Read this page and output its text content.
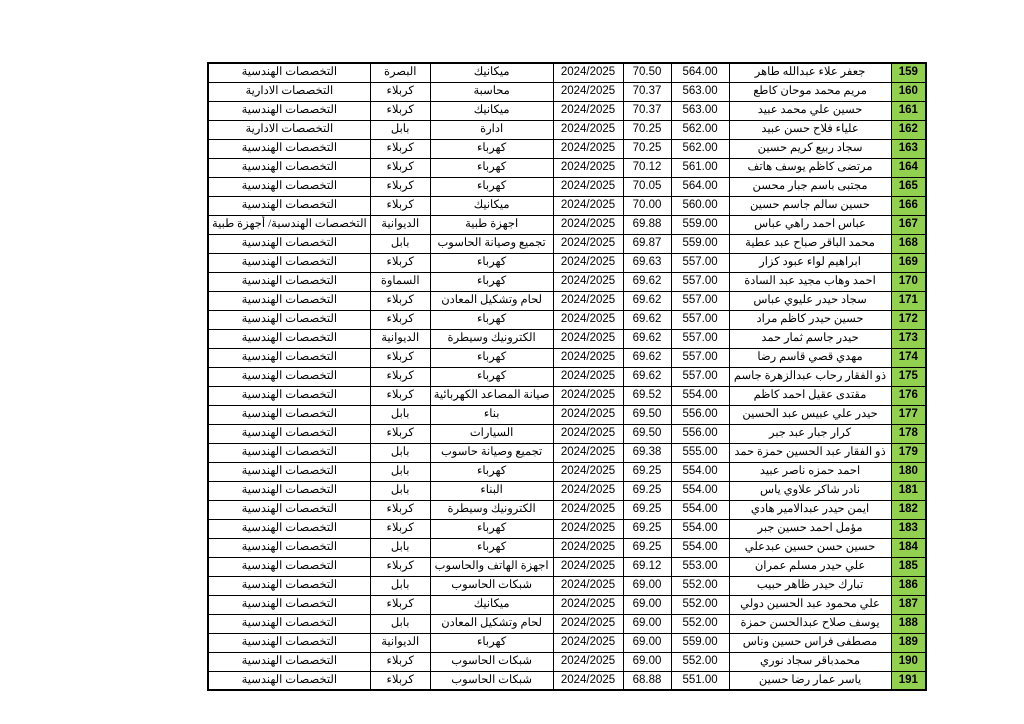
159	جعفر علاء عبدالله طاهر	564.00	70.50	2024/2025	ميكانيك	البصرة	التخصصات الهندسية
160	مريم محمد موحان كاطع	563.00	70.37	2024/2025	محاسبة	كربلاء	التخصصات الادارية
161	حسين علي محمد عبيد	563.00	70.37	2024/2025	ميكانيك	كربلاء	التخصصات الهندسية
162	علياء فلاح حسن عبيد	562.00	70.25	2024/2025	ادارة	بابل	التخصصات الادارية
163	سجاد ربيع كريم حسين	562.00	70.25	2024/2025	كهرباء	كربلاء	التخصصات الهندسية
164	مرتضى كاظم يوسف هاتف	561.00	70.12	2024/2025	كهرباء	كربلاء	التخصصات الهندسية
165	مجتبى باسم جبار محسن	564.00	70.05	2024/2025	كهرباء	كربلاء	التخصصات الهندسية
166	حسين سالم جاسم حسين	560.00	70.00	2024/2025	ميكانيك	كربلاء	التخصصات الهندسية
167	عباس احمد راهي عباس	559.00	69.88	2024/2025	اجهزة طبية	الديوانية	التخصصات الهندسية/ أجهزة طبية
168	محمد الباقر صباح عبد عطية	559.00	69.87	2024/2025	تجميع وصيانة الحاسوب	بابل	التخصصات الهندسية
169	ابراهيم لواء عبود كزار	557.00	69.63	2024/2025	كهرباء	كربلاء	التخصصات الهندسية
170	احمد وهاب مجيد عبد السادة	557.00	69.62	2024/2025	كهرباء	السماوة	التخصصات الهندسية
171	سجاد حيدر عليوي عباس	557.00	69.62	2024/2025	لحام وتشكيل المعادن	كربلاء	التخصصات الهندسية
172	حسين حيدر كاظم مراد	557.00	69.62	2024/2025	كهرباء	كربلاء	التخصصات الهندسية
173	حيدر جاسم ثمار حمد	557.00	69.62	2024/2025	الكترونيك وسيطرة	الديوانية	التخصصات الهندسية
174	مهدي قصي قاسم رضا	557.00	69.62	2024/2025	كهرباء	كربلاء	التخصصات الهندسية
175	ذو الفقار رحاب عبدالزهرة جاسم	557.00	69.62	2024/2025	كهرباء	كربلاء	التخصصات الهندسية
176	مقتدى عقيل احمد كاظم	554.00	69.52	2024/2025	صيانة المصاعد الكهربائية	كربلاء	التخصصات الهندسية
177	حيدر علي عبيس عبد الحسين	556.00	69.50	2024/2025	بناء	بابل	التخصصات الهندسية
178	كرار جبار عبد جبر	556.00	69.50	2024/2025	السيارات	كربلاء	التخصصات الهندسية
179	ذو الفقار عبد الحسين حمزة حمد	555.00	69.38	2024/2025	تجميع وصيانة حاسوب	بابل	التخصصات الهندسية
180	احمد حمزه ناصر عبيد	554.00	69.25	2024/2025	كهرباء	بابل	التخصصات الهندسية
181	نادر شاكر علاوي ياس	554.00	69.25	2024/2025	البناء	بابل	التخصصات الهندسية
182	ايمن حيدر عبدالامير هادي	554.00	69.25	2024/2025	الكترونيك وسيطرة	كربلاء	التخصصات الهندسية
183	مؤمل احمد حسين جبر	554.00	69.25	2024/2025	كهرباء	كربلاء	التخصصات الهندسية
184	حسين حسن حسين عبدعلي	554.00	69.25	2024/2025	كهرباء	بابل	التخصصات الهندسية
185	علي حيدر مسلم عمران	553.00	69.12	2024/2025	اجهزة الهاتف والحاسوب	كربلاء	التخصصات الهندسية
186	تبارك حيدر ظاهر حبيب	552.00	69.00	2024/2025	شبكات الحاسوب	بابل	التخصصات الهندسية
187	علي محمود عبد الحسين دولي	552.00	69.00	2024/2025	ميكانيك	كربلاء	التخصصات الهندسية
188	يوسف صلاح عبدالحسن حمزة	552.00	69.00	2024/2025	لحام وتشكيل المعادن	بابل	التخصصات الهندسية
189	مصطفى فراس حسين وناس	559.00	69.00	2024/2025	كهرباء	الديوانية	التخصصات الهندسية
190	محمدباقر سجاد نوري	552.00	69.00	2024/2025	شبكات الحاسوب	كربلاء	التخصصات الهندسية
191	ياسر عمار رضا حسين	551.00	68.88	2024/2025	شبكات الحاسوب	كربلاء	التخصصات الهندسية
